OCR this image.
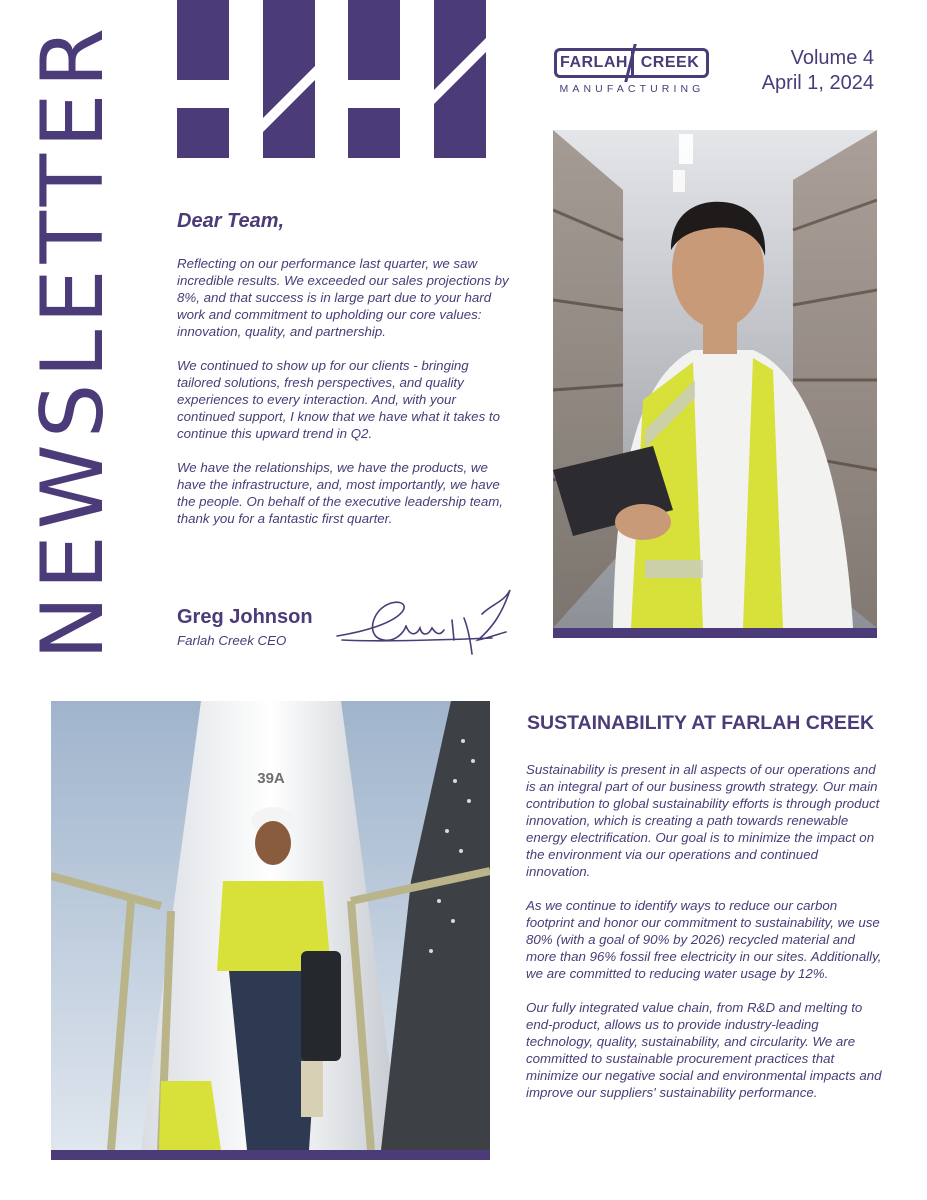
NEWSLETTER	FARLAH CREEK
MANUFACTURING
Volume 4
April 1, 2024
Dear Team,

Reflecting on our performance last quarter, we saw incredible results. We exceeded our sales projections by 8%, and that success is in large part due to your hard work and commitment to upholding our core values: innovation, quality, and partnership.

We continued to show up for our clients - bringing tailored solutions, fresh perspectives, and quality experiences to every interaction. And, with your continued support, I know that we have what it takes to continue this upward trend in Q2.

We have the relationships, we have the products, we have the infrastructure, and, most importantly, we have the people. On behalf of the executive leadership team, thank you for a fantastic first quarter.

Greg Johnson
Farlah Creek CEO
39A
SUSTAINABILITY AT FARLAH CREEK

Sustainability is present in all aspects of our operations and is an integral part of our business growth strategy. Our main contribution to global sustainability efforts is through product innovation, which is creating a path towards renewable energy electrification. Our goal is to minimize the impact on the environment via our operations and continued innovation.

As we continue to identify ways to reduce our carbon footprint and honor our commitment to sustainability, we use 80% (with a goal of 90% by 2026) recycled material and more than 96% fossil free electricity in our sites. Additionally, we are committed to reducing water usage by 12%.

Our fully integrated value chain, from R&D and melting to end-product, allows us to provide industry-leading technology, quality, sustainability, and circularity. We are committed to sustainable procurement practices that minimize our negative social and environmental impacts and improve our suppliers' sustainability performance.
